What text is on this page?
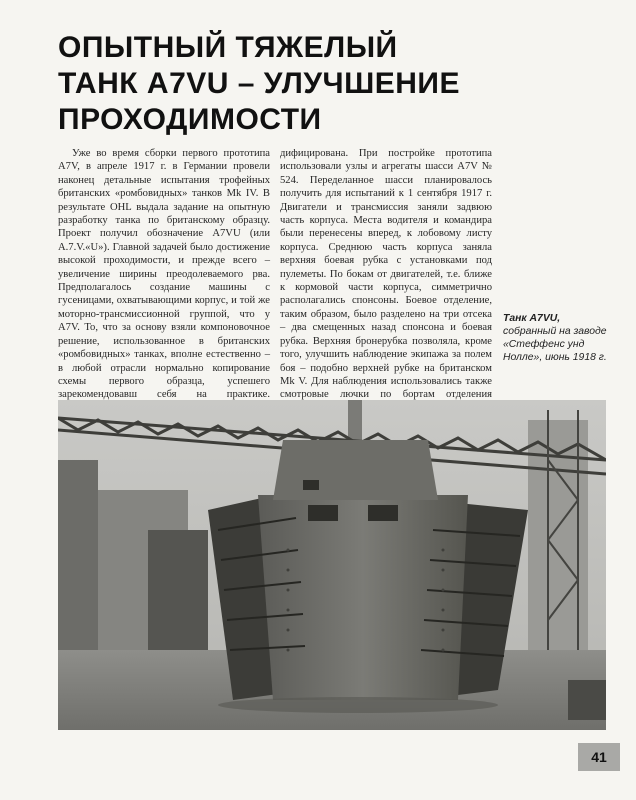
ОПЫТНЫЙ ТЯЖЕЛЫЙ
ТАНК A7VU – УЛУЧШЕНИЕ
ПРОХОДИМОСТИ

Уже во время сборки первого прототипа A7V, в апреле 1917 г. в Германии провели наконец детальные испытания трофейных британских «ромбовидных» танков Mk IV. В результате OHL выдала задание на опытную разработку танка по британскому образцу. Проект получил обозначение A7VU (или A.7.V.«U»). Главной задачей было достижение высокой проходимости, и прежде всего – увеличение ширины преодолеваемого рва. Предполагалось создание машины с гусеницами, охватывающими корпус, и той же моторно-трансмиссионной группой, что у A7V. То, что за основу взяли компоновочное решение, использованное в британских «ромбовидных» танках, вполне естественно – в любой отрасли нормально копирование схемы первого образца, успешего зарекомендовавш себя на практике.

дифицирована. При постройке прототипа использовали узлы и агрегаты шасси A7V № 524. Переделанное шасси планировалось получить для испытаний к 1 сентября 1917 г. Двигатели и трансмиссия заняли задвюю часть корпуса. Места водителя и командира были перенесены вперед, к лобовому листу корпуса. Среднюю часть корпуса заняла верхняя боевая рубка с установками под пулеметы. По бокам от двигателей, т.е. ближе к кормовой части корпуса, симметрично располагались спонсоны. Боевое отделение, таким образом, было разделено на три отсека – два смещенных назад спонсона и боевая рубка. Верхняя бронерубка позволяла, кроме того, улучшить наблюдение экипажа за полем боя – подобно верхней рубке на британском Mk V. Для наблюдения использовались также смотровые лючки по бортам отделения

Танк A7VU, собранный на заводе «Стеффенс унд Нолле», июнь 1918 г.
41
